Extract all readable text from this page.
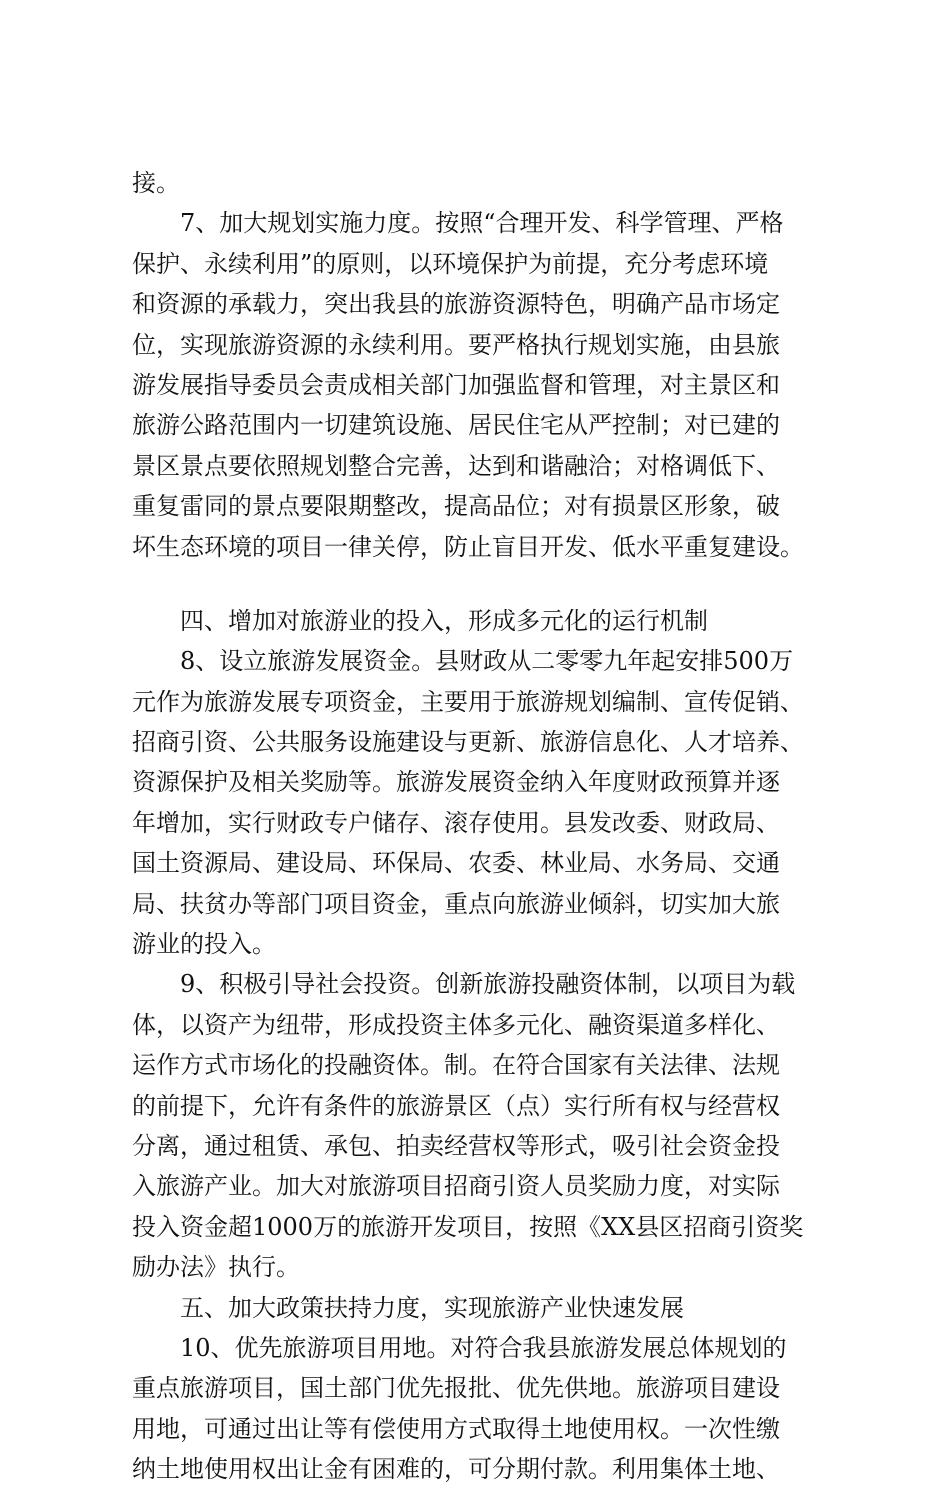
接。
　　7、加大规划实施力度。按照“合理开发、科学管理、严格
保护、永续利用”的原则，以环境保护为前提，充分考虑环境
和资源的承载力，突出我县的旅游资源特色，明确产品市场定
位，实现旅游资源的永续利用。要严格执行规划实施，由县旅
游发展指导委员会责成相关部门加强监督和管理，对主景区和
旅游公路范围内一切建筑设施、居民住宅从严控制；对已建的
景区景点要依照规划整合完善，达到和谐融洽；对格调低下、
重复雷同的景点要限期整改，提高品位；对有损景区形象，破
坏生态环境的项目一律关停，防止盲目开发、低水平重复建设。
　　四、增加对旅游业的投入，形成多元化的运行机制
　　8、设立旅游发展资金。县财政从二零零九年起安排500万
元作为旅游发展专项资金，主要用于旅游规划编制、宣传促销、
招商引资、公共服务设施建设与更新、旅游信息化、人才培养、
资源保护及相关奖励等。旅游发展资金纳入年度财政预算并逐
年增加，实行财政专户储存、滚存使用。县发改委、财政局、
国土资源局、建设局、环保局、农委、林业局、水务局、交通
局、扶贫办等部门项目资金，重点向旅游业倾斜，切实加大旅
游业的投入。
　　9、积极引导社会投资。创新旅游投融资体制，以项目为载
体，以资产为纽带，形成投资主体多元化、融资渠道多样化、
运作方式市场化的投融资体。制。在符合国家有关法律、法规
的前提下，允许有条件的旅游景区（点）实行所有权与经营权
分离，通过租赁、承包、拍卖经营权等形式，吸引社会资金投
入旅游产业。加大对旅游项目招商引资人员奖励力度，对实际
投入资金超1000万的旅游开发项目，按照《XX县区招商引资奖
励办法》执行。
　　五、加大政策扶持力度，实现旅游产业快速发展
　　10、优先旅游项目用地。对符合我县旅游发展总体规划的
重点旅游项目，国土部门优先报批、优先供地。旅游项目建设
用地，可通过出让等有偿使用方式取得土地使用权。一次性缴
纳土地使用权出让金有困难的，可分期付款。利用集体土地、
